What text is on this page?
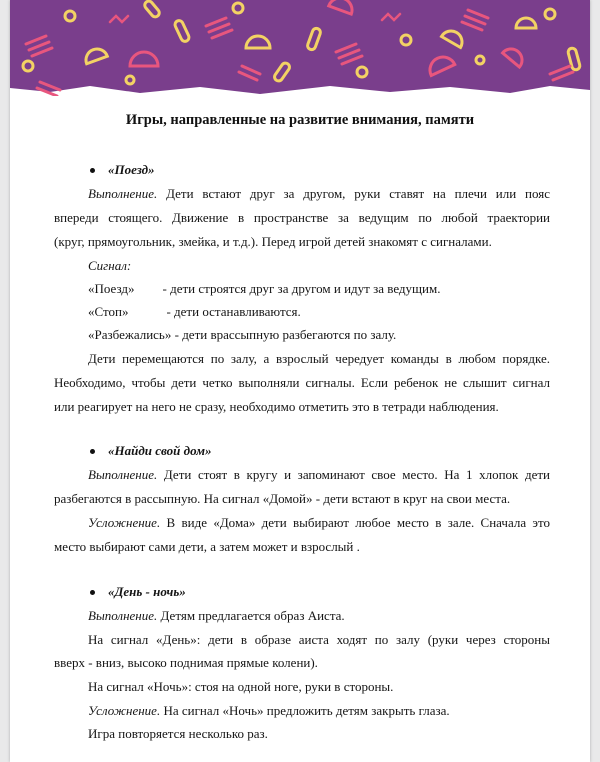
Игры, направленные на развитие внимания, памяти
«Поезд»
Выполнение. Дети встают друг за другом, руки ставят на плечи или пояс
впереди стоящего. Движение в пространстве за ведущим по любой траектории
(круг, прямоугольник, змейка, и т.д.). Перед игрой детей знакомят с сигналами.
Сигнал:
«Поезд» - дети строятся друг за другом и идут за ведущим.
«Стоп»	- дети останавливаются.
«Разбежались» - дети врассыпную разбегаются по залу.
Дети перемещаются по залу, а взрослый чередует команды в любом порядке.
Необходимо, чтобы дети четко выполняли сигналы. Если ребенок не слышит сигнал
или реагирует на него не сразу, необходимо отметить это в тетради наблюдения.
«Найди свой дом»
Выполнение. Дети стоят в кругу и запоминают свое место. На 1 хлопок дети
разбегаются в рассыпную. На сигнал «Домой» - дети встают в круг на свои места.
Усложнение. В виде «Дома» дети выбирают любое место в зале. Сначала это
место выбирают сами дети, а затем может и взрослый .
«День - ночь»
Выполнение. Детям предлагается образ Аиста.
На сигнал «День»: дети в образе аиста ходят по залу (руки через стороны
вверх - вниз, высоко поднимая прямые колени).
На сигнал «Ночь»: стоя на одной ноге, руки в стороны.
Усложнение. На сигнал «Ночь» предложить детям закрыть глаза.
Игра повторяется несколько раз.
